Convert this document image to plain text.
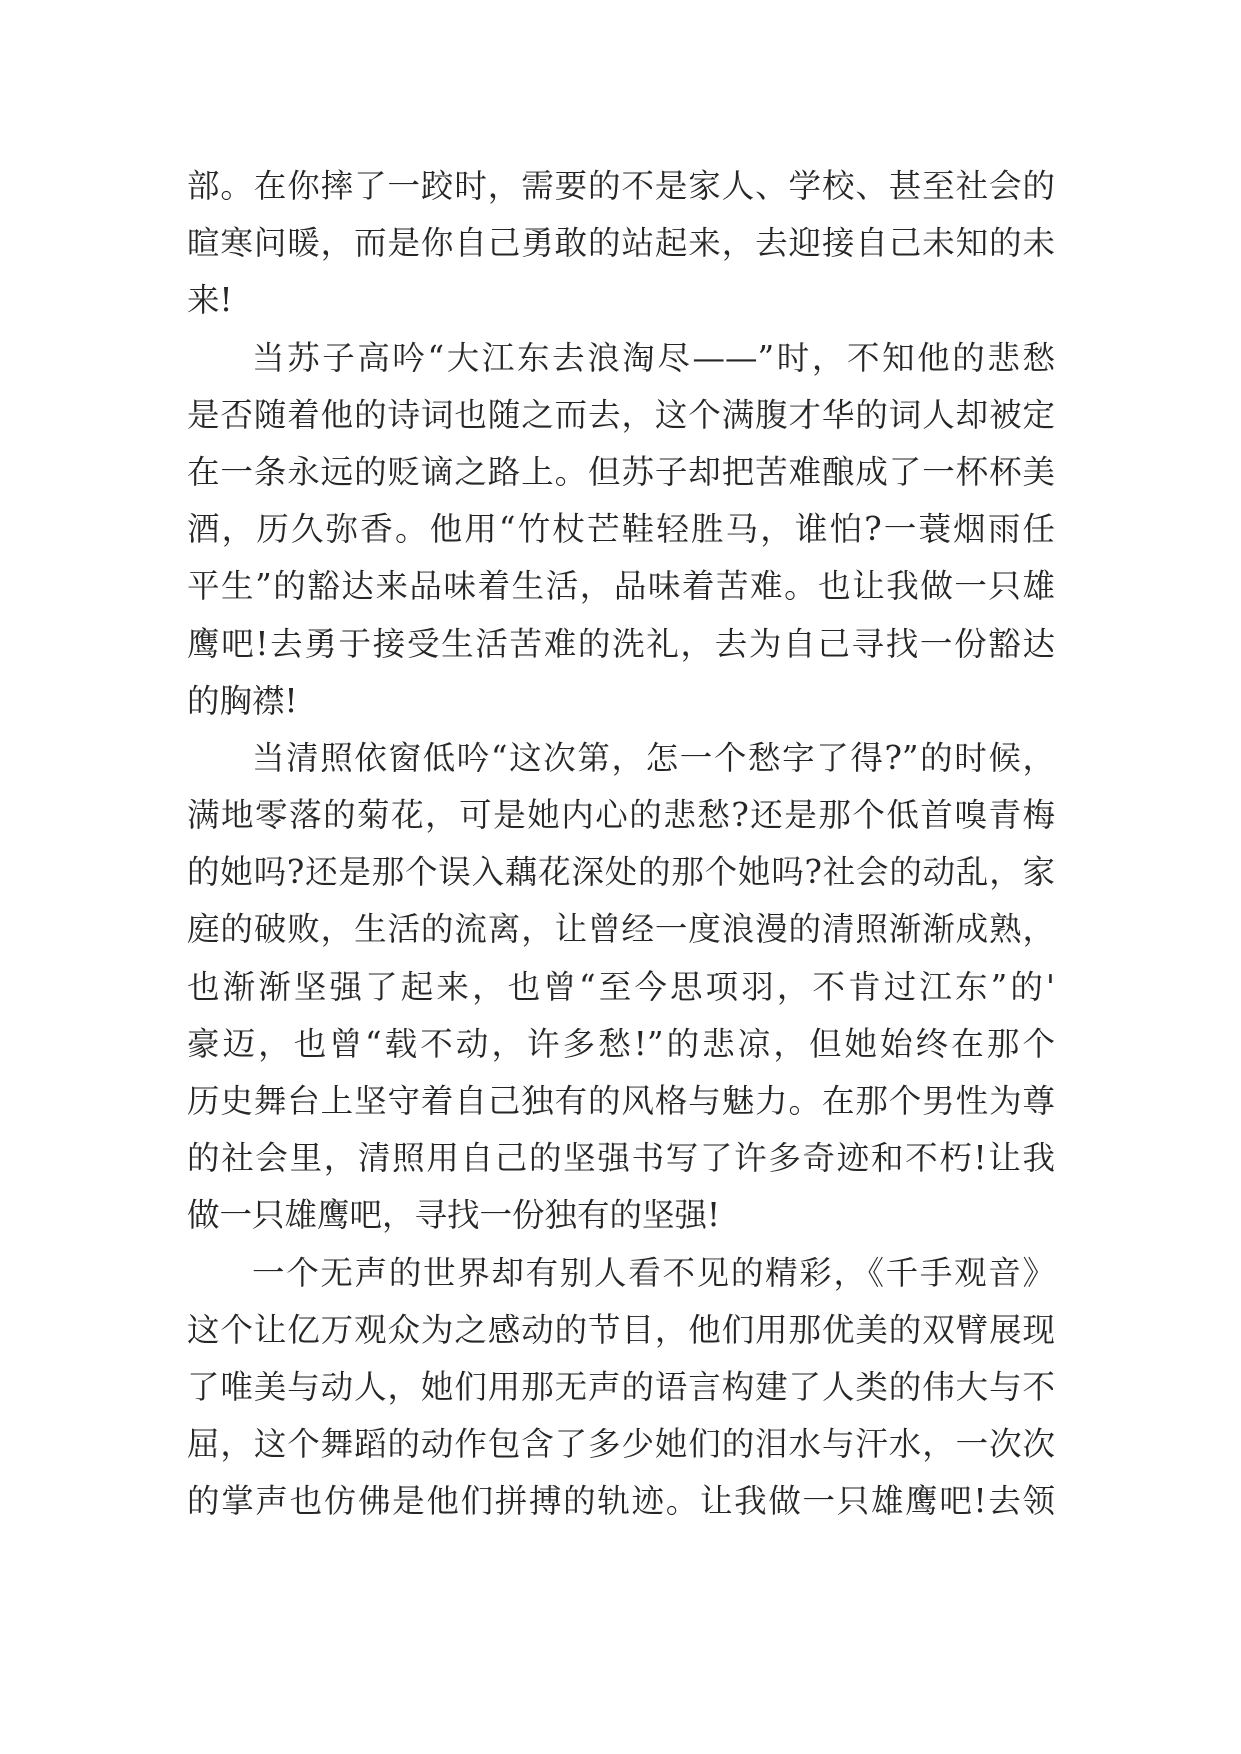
部。在你摔了一跤时，需要的不是家人、学校、甚至社会的
暄寒问暖，而是你自己勇敢的站起来，去迎接自己未知的未
来!
当苏子高吟“大江东去浪淘尽——”时，不知他的悲愁
是否随着他的诗词也随之而去，这个满腹才华的词人却被定
在一条永远的贬谪之路上。但苏子却把苦难酿成了一杯杯美
酒，历久弥香。他用“竹杖芒鞋轻胜马，谁怕?一蓑烟雨任
平生”的豁达来品味着生活，品味着苦难。也让我做一只雄
鹰吧!去勇于接受生活苦难的洗礼，去为自己寻找一份豁达
的胸襟!
当清照依窗低吟“这次第，怎一个愁字了得?”的时候，
满地零落的菊花，可是她内心的悲愁?还是那个低首嗅青梅
的她吗?还是那个误入藕花深处的那个她吗?社会的动乱，家
庭的破败，生活的流离，让曾经一度浪漫的清照渐渐成熟，
也渐渐坚强了起来，也曾“至今思项羽，不肯过江东”的'
豪迈，也曾“载不动，许多愁!”的悲凉，但她始终在那个
历史舞台上坚守着自己独有的风格与魅力。在那个男性为尊
的社会里，清照用自己的坚强书写了许多奇迹和不朽!让我
做一只雄鹰吧，寻找一份独有的坚强!
一个无声的世界却有别人看不见的精彩，《千手观音》
这个让亿万观众为之感动的节目，他们用那优美的双臂展现
了唯美与动人，她们用那无声的语言构建了人类的伟大与不
屈，这个舞蹈的动作包含了多少她们的泪水与汗水，一次次
的掌声也仿佛是他们拼搏的轨迹。让我做一只雄鹰吧!去领
